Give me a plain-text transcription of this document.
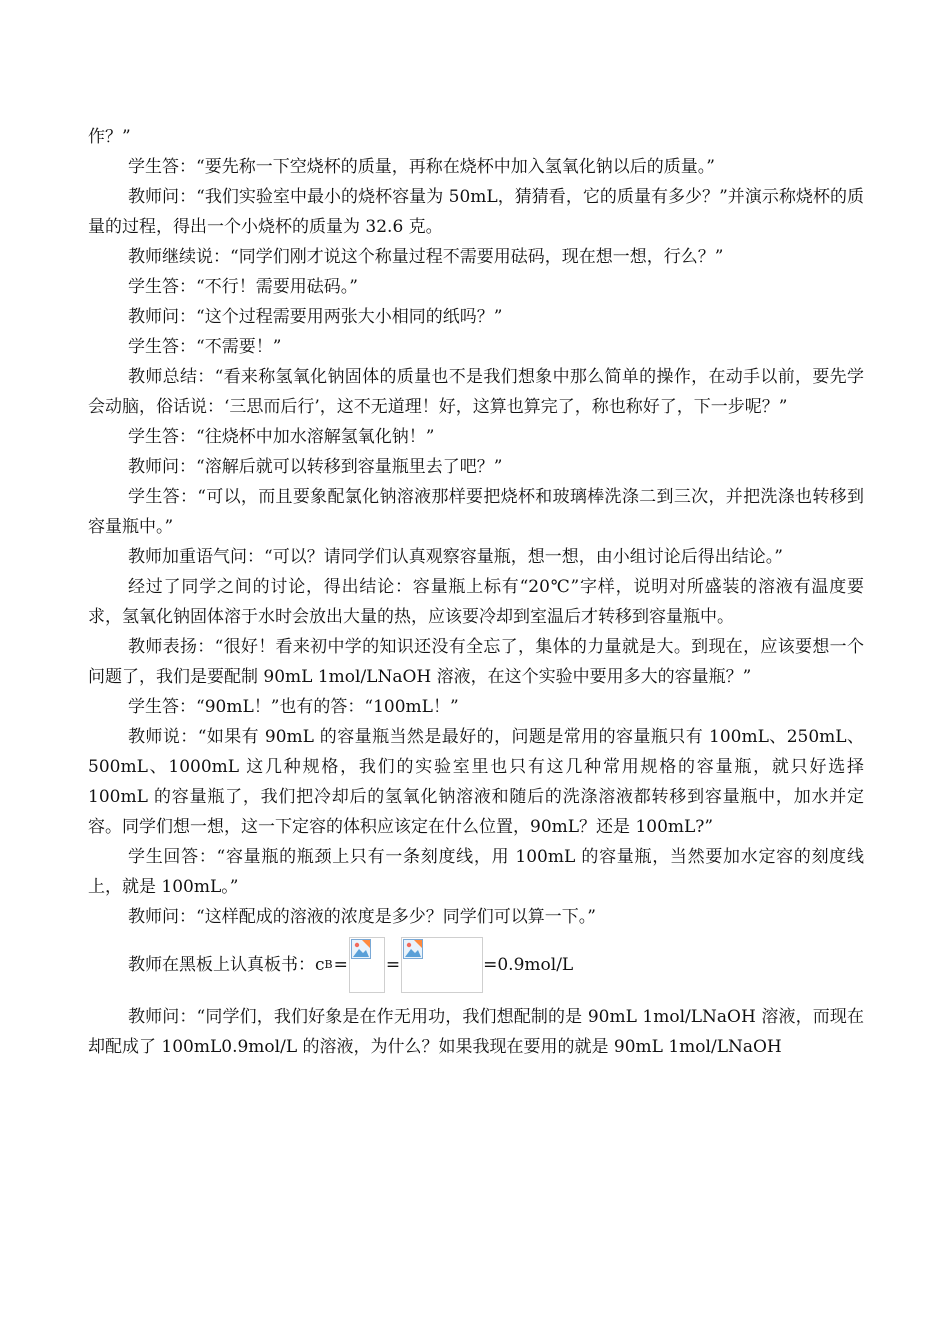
作？”

学生答：“要先称一下空烧杯的质量，再称在烧杯中加入氢氧化钠以后的质量。”

教师问：“我们实验室中最小的烧杯容量为 50mL，猜猜看，它的质量有多少？”并演示称烧杯的质量的过程，得出一个小烧杯的质量为 32.6 克。

教师继续说：“同学们刚才说这个称量过程不需要用砝码，现在想一想，行么？”

学生答：“不行！需要用砝码。”

教师问：“这个过程需要用两张大小相同的纸吗？”

学生答：“不需要！”

教师总结：“看来称氢氧化钠固体的质量也不是我们想象中那么简单的操作，在动手以前，要先学会动脑，俗话说：‘三思而后行’，这不无道理！好，这算也算完了，称也称好了，下一步呢？”

学生答：“往烧杯中加水溶解氢氧化钠！”

教师问：“溶解后就可以转移到容量瓶里去了吧？”

学生答：“可以，而且要象配氯化钠溶液那样要把烧杯和玻璃棒洗涤二到三次，并把洗涤也转移到容量瓶中。”

教师加重语气问：“可以？请同学们认真观察容量瓶，想一想，由小组讨论后得出结论。”

经过了同学之间的讨论，得出结论：容量瓶上标有“20℃”字样，说明对所盛装的溶液有温度要求，氢氧化钠固体溶于水时会放出大量的热，应该要冷却到室温后才转移到容量瓶中。

教师表扬：“很好！看来初中学的知识还没有全忘了，集体的力量就是大。到现在，应该要想一个问题了，我们是要配制 90mL 1mol/LNaOH 溶液，在这个实验中要用多大的容量瓶？”

学生答：“90mL！”也有的答：“100mL！”

教师说：“如果有 90mL 的容量瓶当然是最好的，问题是常用的容量瓶只有 100mL、250mL、500mL、1000mL 这几种规格，我们的实验室里也只有这几种常用规格的容量瓶，就只好选择 100mL 的容量瓶了，我们把冷却后的氢氧化钠溶液和随后的洗涤溶液都转移到容量瓶中，加水并定容。同学们想一想，这一下定容的体积应该定在什么位置，90mL？还是 100mL?”

学生回答：“容量瓶的瓶颈上只有一条刻度线，用 100mL 的容量瓶，当然要加水定容的刻度线上，就是 100mL。”

教师问：“这样配成的溶液的浓度是多少？同学们可以算一下。”

教师在黑板上认真板书：c B = =	=0.9mol/L

教师问：“同学们，我们好象是在作无用功，我们想配制的是 90mL 1mol/LNaOH 溶液，而现在却配成了 100mL0.9mol/L 的溶液，为什么？如果我现在要用的就是 90mL 1mol/LNaOH
